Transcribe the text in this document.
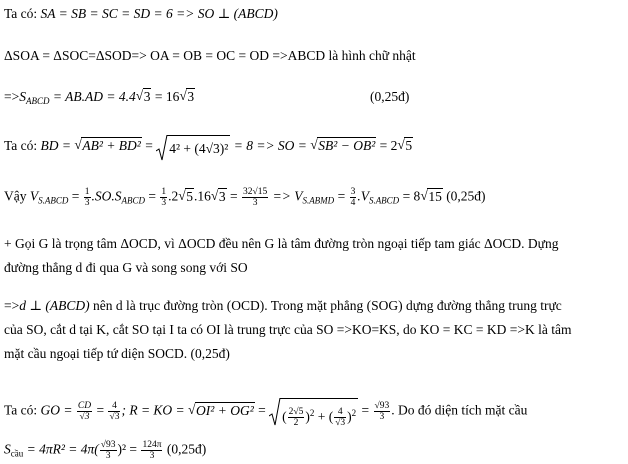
Ta có: SA = SB = SC = SD = 6 => SO ⊥ (ABCD)
ΔSOA = ΔSOC=ΔSOD=> OA = OB = OC = OD =>ABCD là hình chữ nhật
$=>S_{ABCD} = AB.AD = 4.4$ √ 3 = 16 √ 3	(0,25đ)
Ta có: BD = √ AB² + BD² =
4² + (4√3)² = 8 => SO = √ SB² − OB² = 2 √ 5
Vậy $V_{S.ABCD} = \frac{1}{3} .SO.S_{ABCD} = \frac{1}{3} .2$ √ 5.16 √ $3 = \frac{32√15}{3} => V_{S.ABMD} = \frac{3}{4} .V_{S.ABCD} = 8$ √ 15 (0,25đ)
+ Gọi G là trọng tâm ΔOCD, vì ΔOCD đều nên G là tâm đường tròn ngoại tiếp tam giác ΔOCD. Dựng
đường thẳng d đi qua G và song song với SO
=>d ⊥ (ABCD) nên d là trục đường tròn (OCD). Trong mặt phẳng (SOG) dựng đường thẳng trung trực
của SO, cắt d tại K, cắt SO tại I ta có OI là trung trực của SO =>KO=KS, do KO = KC = KD =>K là tâm
mặt cầu ngoại tiếp tứ diện SOCD. (0,25đ)
Ta có: GO = $\frac{CD}{√3} = \frac{4}{√3}$ ; R = KO = √ OI² + OG² =
( $\frac{2√5}{2} )^2$ + ( $\frac{4}{√3} )^2 = \frac{√93}{3}$ . Do đó diện tích mặt cầu
$S_{cầu} = 4\pi R^2 = 4\pi( \frac{√93}{3} )^2 = \frac{124\pi}{3}$ (0,25đ)
